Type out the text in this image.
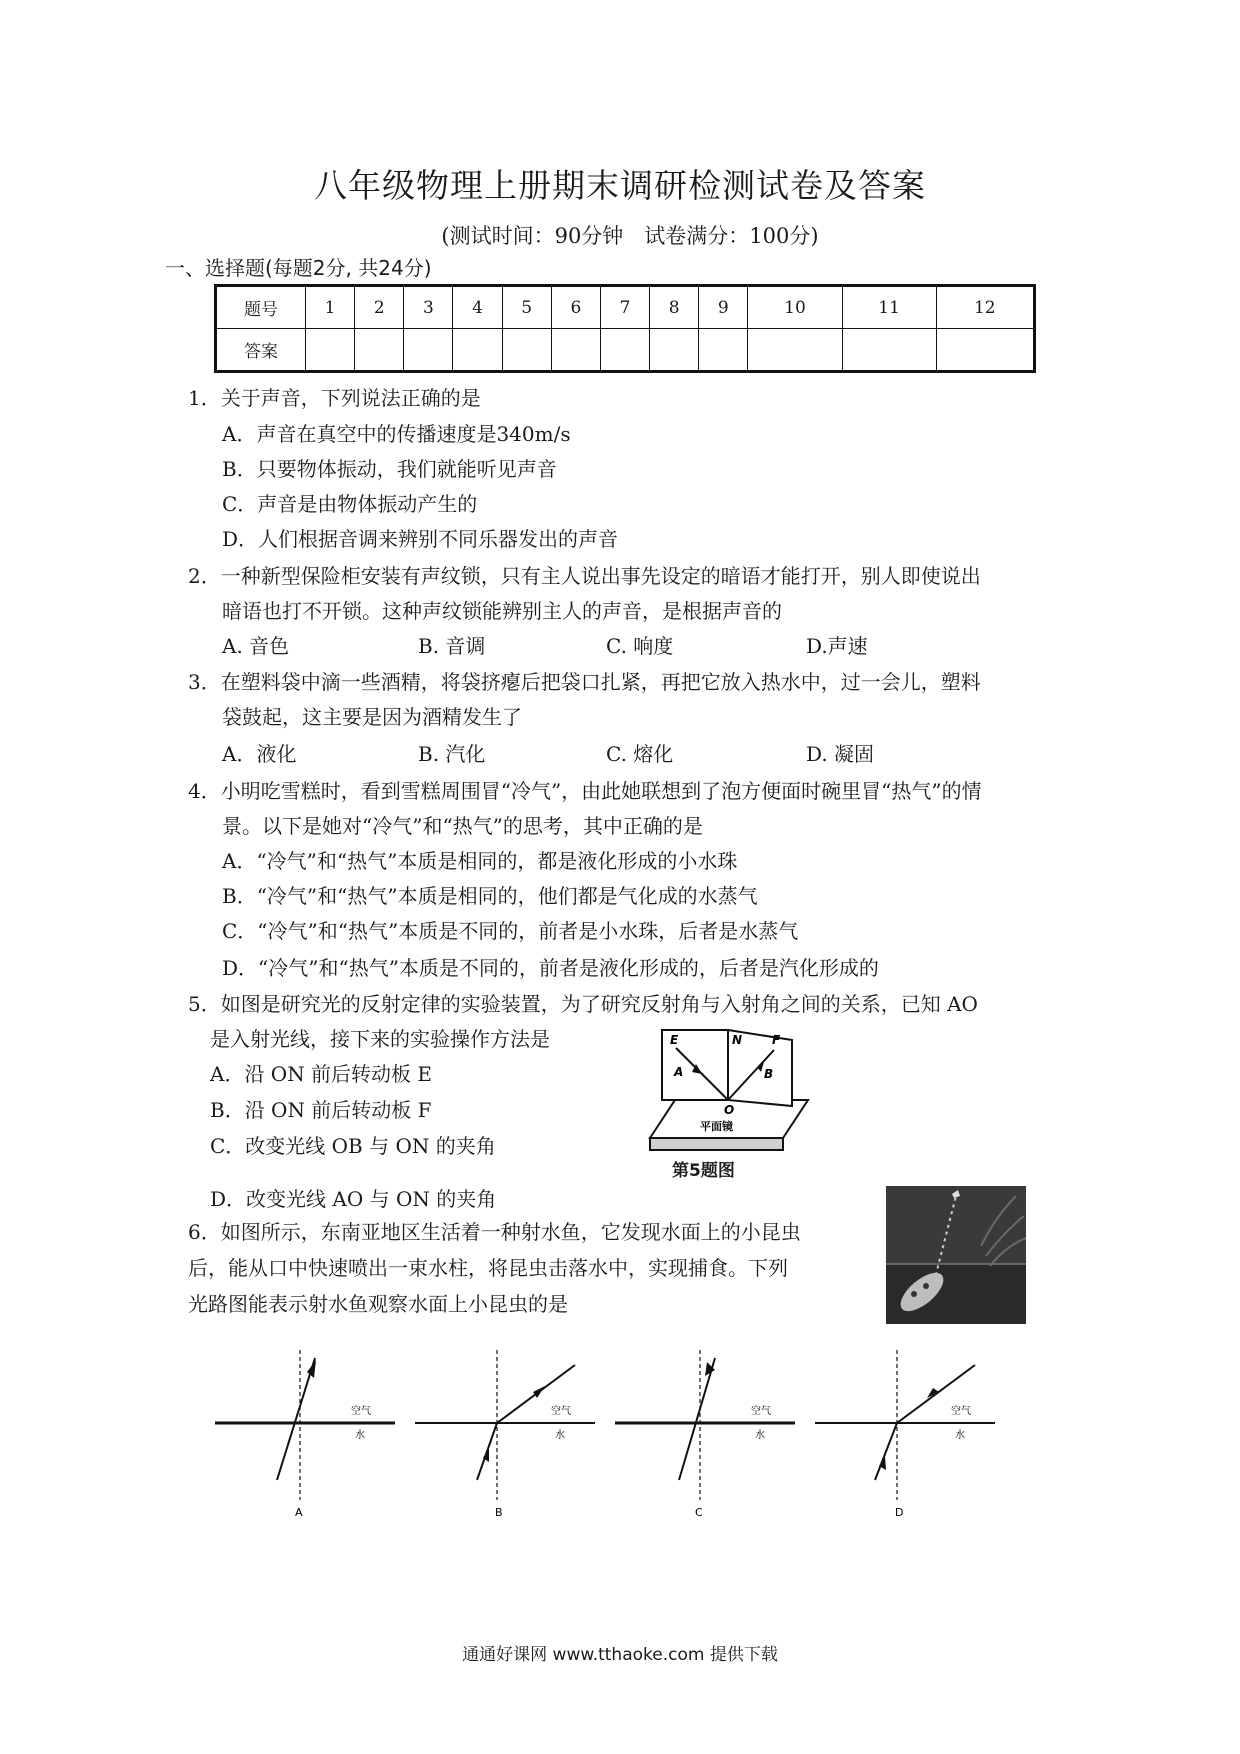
八年级物理上册期末调研检测试卷及答案
(测试时间：90分钟　试卷满分：100分)
一、选择题(每题2分, 共24分)
题号	1	2	3	4	5	6	7	8	9	10	11	12
答案												
1．关于声音，下列说法正确的是
A．声音在真空中的传播速度是340m/s
B．只要物体振动，我们就能听见声音
C．声音是由物体振动产生的
D．人们根据音调来辨别不同乐器发出的声音
2．一种新型保险柜安装有声纹锁，只有主人说出事先设定的暗语才能打开，别人即使说出
暗语也打不开锁。这种声纹锁能辨别主人的声音，是根据声音的
A. 音色	B. 音调	C. 响度	D.声速
3．在塑料袋中滴一些酒精，将袋挤瘪后把袋口扎紧，再把它放入热水中，过一会儿，塑料
袋鼓起，这主要是因为酒精发生了
A．液化	B. 汽化	C. 熔化	D. 凝固
4．小明吃雪糕时，看到雪糕周围冒“冷气”，由此她联想到了泡方便面时碗里冒“热气”的情
景。以下是她对“冷气”和“热气”的思考，其中正确的是
A．“冷气”和“热气”本质是相同的，都是液化形成的小水珠
B．“冷气”和“热气”本质是相同的，他们都是气化成的水蒸气
C．“冷气”和“热气”本质是不同的，前者是小水珠，后者是水蒸气
D．“冷气”和“热气”本质是不同的，前者是液化形成的，后者是汽化形成的
5．如图是研究光的反射定律的实验装置，为了研究反射角与入射角之间的关系，已知 AO
是入射光线，接下来的实验操作方法是
A．沿 ON 前后转动板 E
B．沿 ON 前后转动板 F
C．改变光线 OB 与 ON 的夹角
D．改变光线 AO 与 ON 的夹角
E	N F
A	B
O
平面镜
第5题图
6．如图所示，东南亚地区生活着一种射水鱼，它发现水面上的小昆虫
后，能从口中快速喷出一束水柱，将昆虫击落水中，实现捕食。下列
光路图能表示射水鱼观察水面上小昆虫的是
空气
水
A
空气
水
B
空气
水
C
空气
水
D
通通好课网 www.tthaoke.com 提供下载
